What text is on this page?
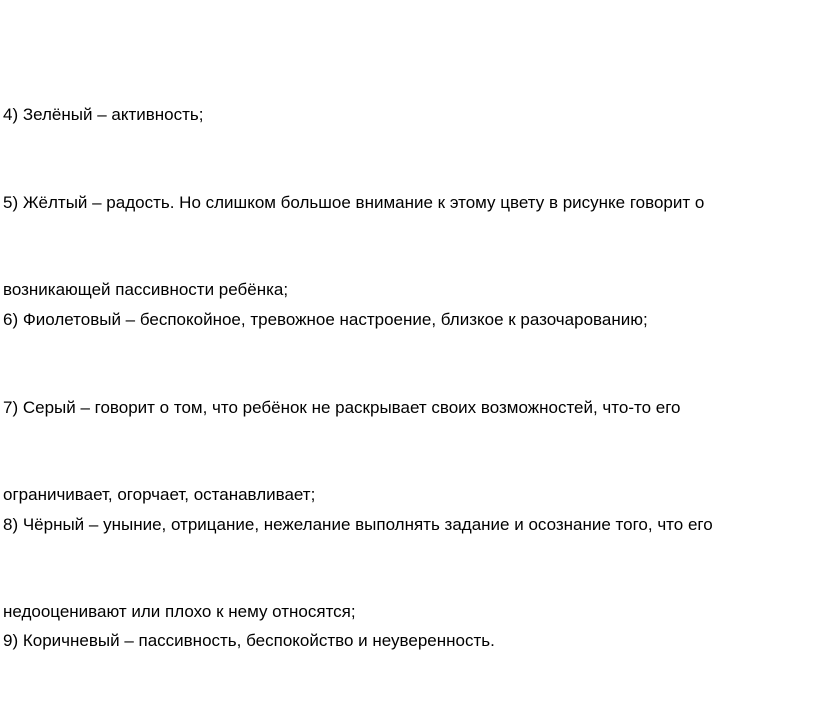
4) Зелёный – активность;

5) Жёлтый – радость. Но слишком большое внимание к этому цвету в рисунке говорит о

возникающей пассивности ребёнка;

6) Фиолетовый – беспокойное, тревожное настроение, близкое к разочарованию;

7) Серый – говорит о том, что ребёнок не раскрывает своих возможностей, что-то его

ограничивает, огорчает, останавливает;

8) Чёрный – уныние, отрицание, нежелание выполнять задание и осознание того, что его

недооценивают или плохо к нему относятся;

9) Коричневый – пассивность, беспокойство и неуверенность.
